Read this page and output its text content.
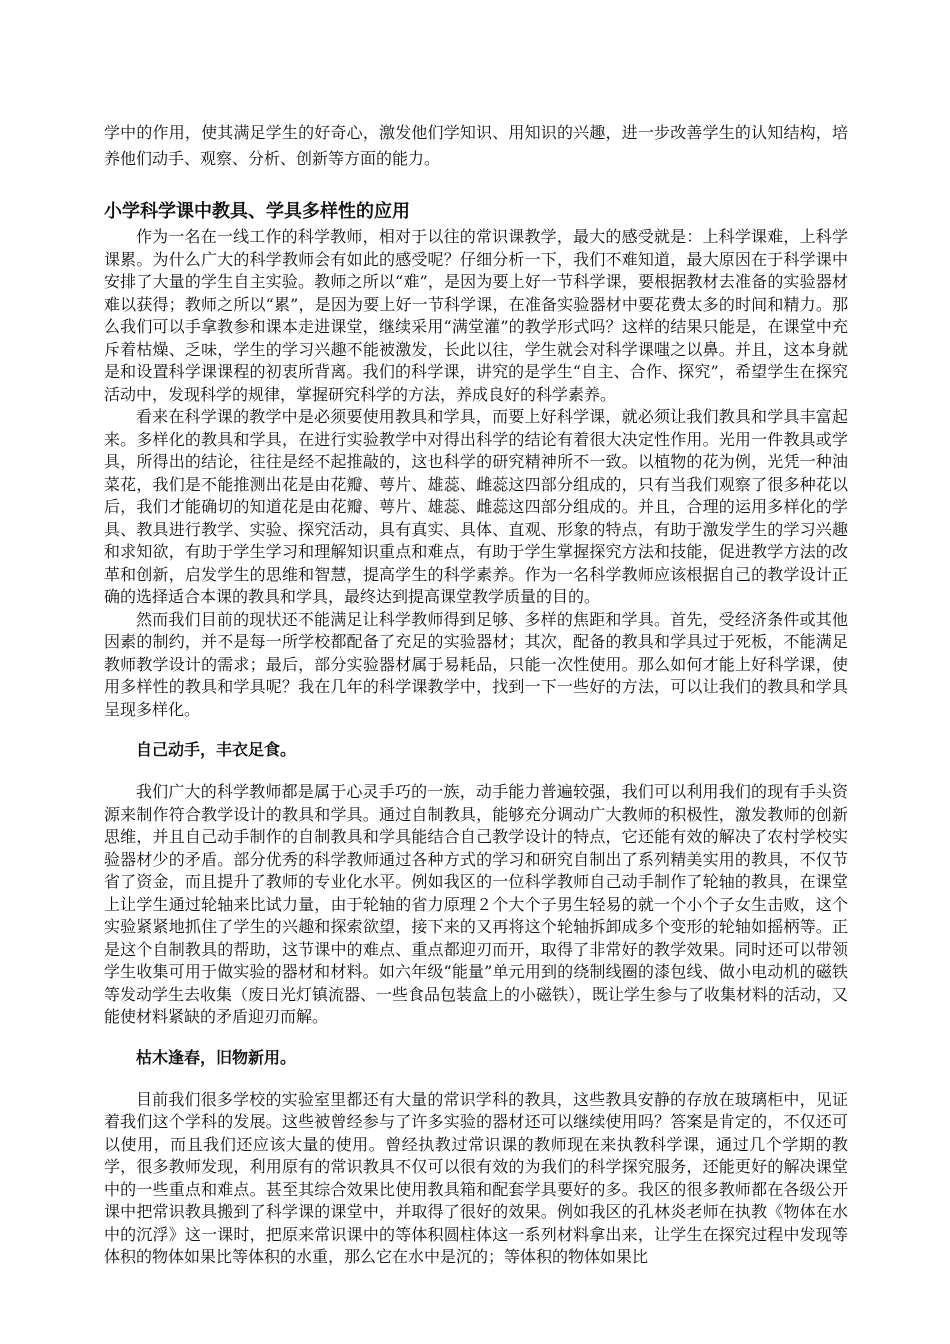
学中的作用，使其满足学生的好奇心，激发他们学知识、用知识的兴趣，进一步改善学生的认知结构，培养他们动手、观察、分析、创新等方面的能力。

小学科学课中教具、学具多样性的应用

作为一名在一线工作的科学教师，相对于以往的常识课教学，最大的感受就是：上科学课难，上科学课累。为什么广大的科学教师会有如此的感受呢？仔细分析一下，我们不难知道，最大原因在于科学课中安排了大量的学生自主实验。教师之所以“难”，是因为要上好一节科学课，要根据教材去准备的实验器材难以获得；教师之所以“累”，是因为要上好一节科学课，在准备实验器材中要花费太多的时间和精力。那么我们可以手拿教参和课本走进课堂，继续采用“满堂灌”的教学形式吗？这样的结果只能是，在课堂中充斥着枯燥、乏味，学生的学习兴趣不能被激发，长此以往，学生就会对科学课嗤之以鼻。并且，这本身就是和设置科学课课程的初衷所背离。我们的科学课，讲究的是学生“自主、合作、探究”，希望学生在探究活动中，发现科学的规律，掌握研究科学的方法，养成良好的科学素养。

看来在科学课的教学中是必须要使用教具和学具，而要上好科学课，就必须让我们教具和学具丰富起来。多样化的教具和学具，在进行实验教学中对得出科学的结论有着很大决定性作用。光用一件教具或学具，所得出的结论，往往是经不起推敲的，这也科学的研究精神所不一致。以植物的花为例，光凭一种油菜花，我们是不能推测出花是由花瓣、萼片、雄蕊、雌蕊这四部分组成的，只有当我们观察了很多种花以后，我们才能确切的知道花是由花瓣、萼片、雄蕊、雌蕊这四部分组成的。并且，合理的运用多样化的学具、教具进行教学、实验、探究活动，具有真实、具体、直观、形象的特点，有助于激发学生的学习兴趣和求知欲，有助于学生学习和理解知识重点和难点，有助于学生掌握探究方法和技能，促进教学方法的改革和创新，启发学生的思维和智慧，提高学生的科学素养。作为一名科学教师应该根据自己的教学设计正确的选择适合本课的教具和学具，最终达到提高课堂教学质量的目的。

然而我们目前的现状还不能满足让科学教师得到足够、多样的焦距和学具。首先，受经济条件或其他因素的制约，并不是每一所学校都配备了充足的实验器材；其次，配备的教具和学具过于死板，不能满足教师教学设计的需求；最后，部分实验器材属于易耗品，只能一次性使用。那么如何才能上好科学课，使用多样性的教具和学具呢？我在几年的科学课教学中，找到一下一些好的方法，可以让我们的教具和学具呈现多样化。

自己动手，丰衣足食。

我们广大的科学教师都是属于心灵手巧的一族，动手能力普遍较强，我们可以利用我们的现有手头资源来制作符合教学设计的教具和学具。通过自制教具，能够充分调动广大教师的积极性，激发教师的创新思维，并且自己动手制作的自制教具和学具能结合自己教学设计的特点，它还能有效的解决了农村学校实验器材少的矛盾。部分优秀的科学教师通过各种方式的学习和研究自制出了系列精美实用的教具，不仅节省了资金，而且提升了教师的专业化水平。例如我区的一位科学教师自己动手制作了轮轴的教具，在课堂上让学生通过轮轴来比试力量，由于轮轴的省力原理２个大个子男生轻易的就一个小个子女生击败，这个实验紧紧地抓住了学生的兴趣和探索欲望，接下来的又再将这个轮轴拆卸成多个变形的轮轴如摇柄等。正是这个自制教具的帮助，这节课中的难点、重点都迎刃而开，取得了非常好的教学效果。同时还可以带领学生收集可用于做实验的器材和材料。如六年级“能量”单元用到的绕制线圈的漆包线、做小电动机的磁铁等发动学生去收集（废日光灯镇流器、一些食品包装盒上的小磁铁），既让学生参与了收集材料的活动，又能使材料紧缺的矛盾迎刃而解。

枯木逢春，旧物新用。

目前我们很多学校的实验室里都还有大量的常识学科的教具，这些教具安静的存放在玻璃柜中，见证着我们这个学科的发展。这些被曾经参与了许多实验的器材还可以继续使用吗？答案是肯定的，不仅还可以使用，而且我们还应该大量的使用。曾经执教过常识课的教师现在来执教科学课，通过几个学期的教学，很多教师发现，利用原有的常识教具不仅可以很有效的为我们的科学探究服务，还能更好的解决课堂中的一些重点和难点。甚至其综合效果比使用教具箱和配套学具要好的多。我区的很多教师都在各级公开课中把常识教具搬到了科学课的课堂中，并取得了很好的效果。例如我区的孔林炎老师在执教《物体在水中的沉浮》这一课时，把原来常识课中的等体积圆柱体这一系列材料拿出来，让学生在探究过程中发现等体积的物体如果比等体积的水重，那么它在水中是沉的；等体积的物体如果比
